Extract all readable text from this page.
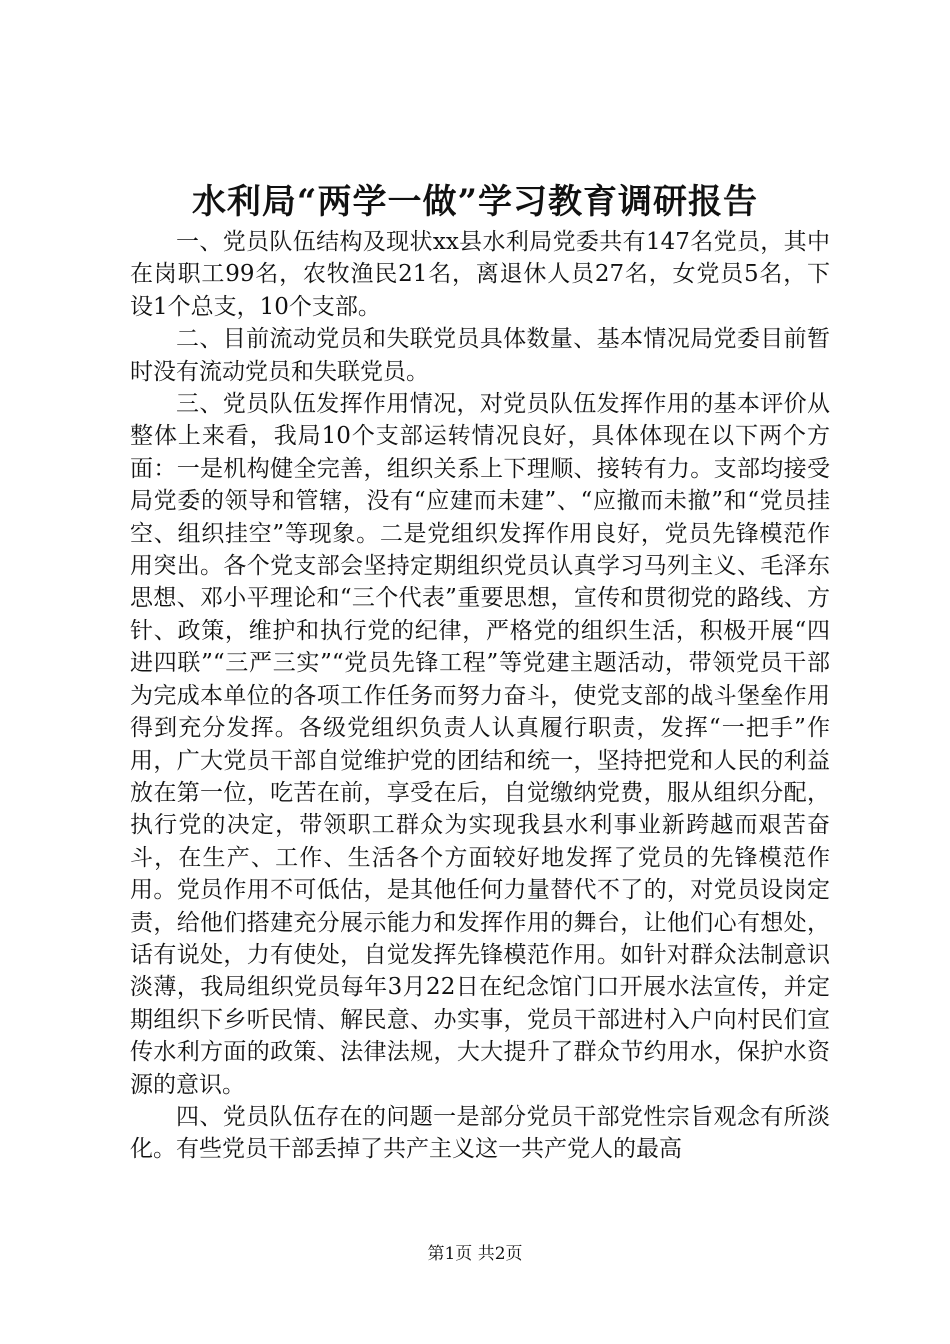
水利局“两学一做”学习教育调研报告

一、党员队伍结构及现状xx县水利局党委共有147名党员，其中在岗职工99名，农牧渔民21名，离退休人员27名，女党员5名，下设1个总支，10个支部。

二、目前流动党员和失联党员具体数量、基本情况局党委目前暂时没有流动党员和失联党员。

三、党员队伍发挥作用情况，对党员队伍发挥作用的基本评价从整体上来看，我局10个支部运转情况良好，具体体现在以下两个方面：一是机构健全完善，组织关系上下理顺、接转有力。支部均接受局党委的领导和管辖，没有“应建而未建”、“应撤而未撤”和“党员挂空、组织挂空”等现象。二是党组织发挥作用良好，党员先锋模范作用突出。各个党支部会坚持定期组织党员认真学习马列主义、毛泽东思想、邓小平理论和“三个代表”重要思想，宣传和贯彻党的路线、方针、政策，维护和执行党的纪律，严格党的组织生活，积极开展“四进四联”“三严三实”“党员先锋工程”等党建主题活动，带领党员干部为完成本单位的各项工作任务而努力奋斗，使党支部的战斗堡垒作用得到充分发挥。各级党组织负责人认真履行职责，发挥“一把手”作用，广大党员干部自觉维护党的团结和统一，坚持把党和人民的利益放在第一位，吃苦在前，享受在后，自觉缴纳党费，服从组织分配，执行党的决定，带领职工群众为实现我县水利事业新跨越而艰苦奋斗，在生产、工作、生活各个方面较好地发挥了党员的先锋模范作用。党员作用不可低估，是其他任何力量替代不了的，对党员设岗定责，给他们搭建充分展示能力和发挥作用的舞台，让他们心有想处，话有说处，力有使处，自觉发挥先锋模范作用。如针对群众法制意识淡薄，我局组织党员每年3月22日在纪念馆门口开展水法宣传，并定期组织下乡听民情、解民意、办实事，党员干部进村入户向村民们宣传水利方面的政策、法律法规，大大提升了群众节约用水，保护水资源的意识。

四、党员队伍存在的问题一是部分党员干部党性宗旨观念有所淡化。有些党员干部丢掉了共产主义这一共产党人的最高

第1页 共2页
